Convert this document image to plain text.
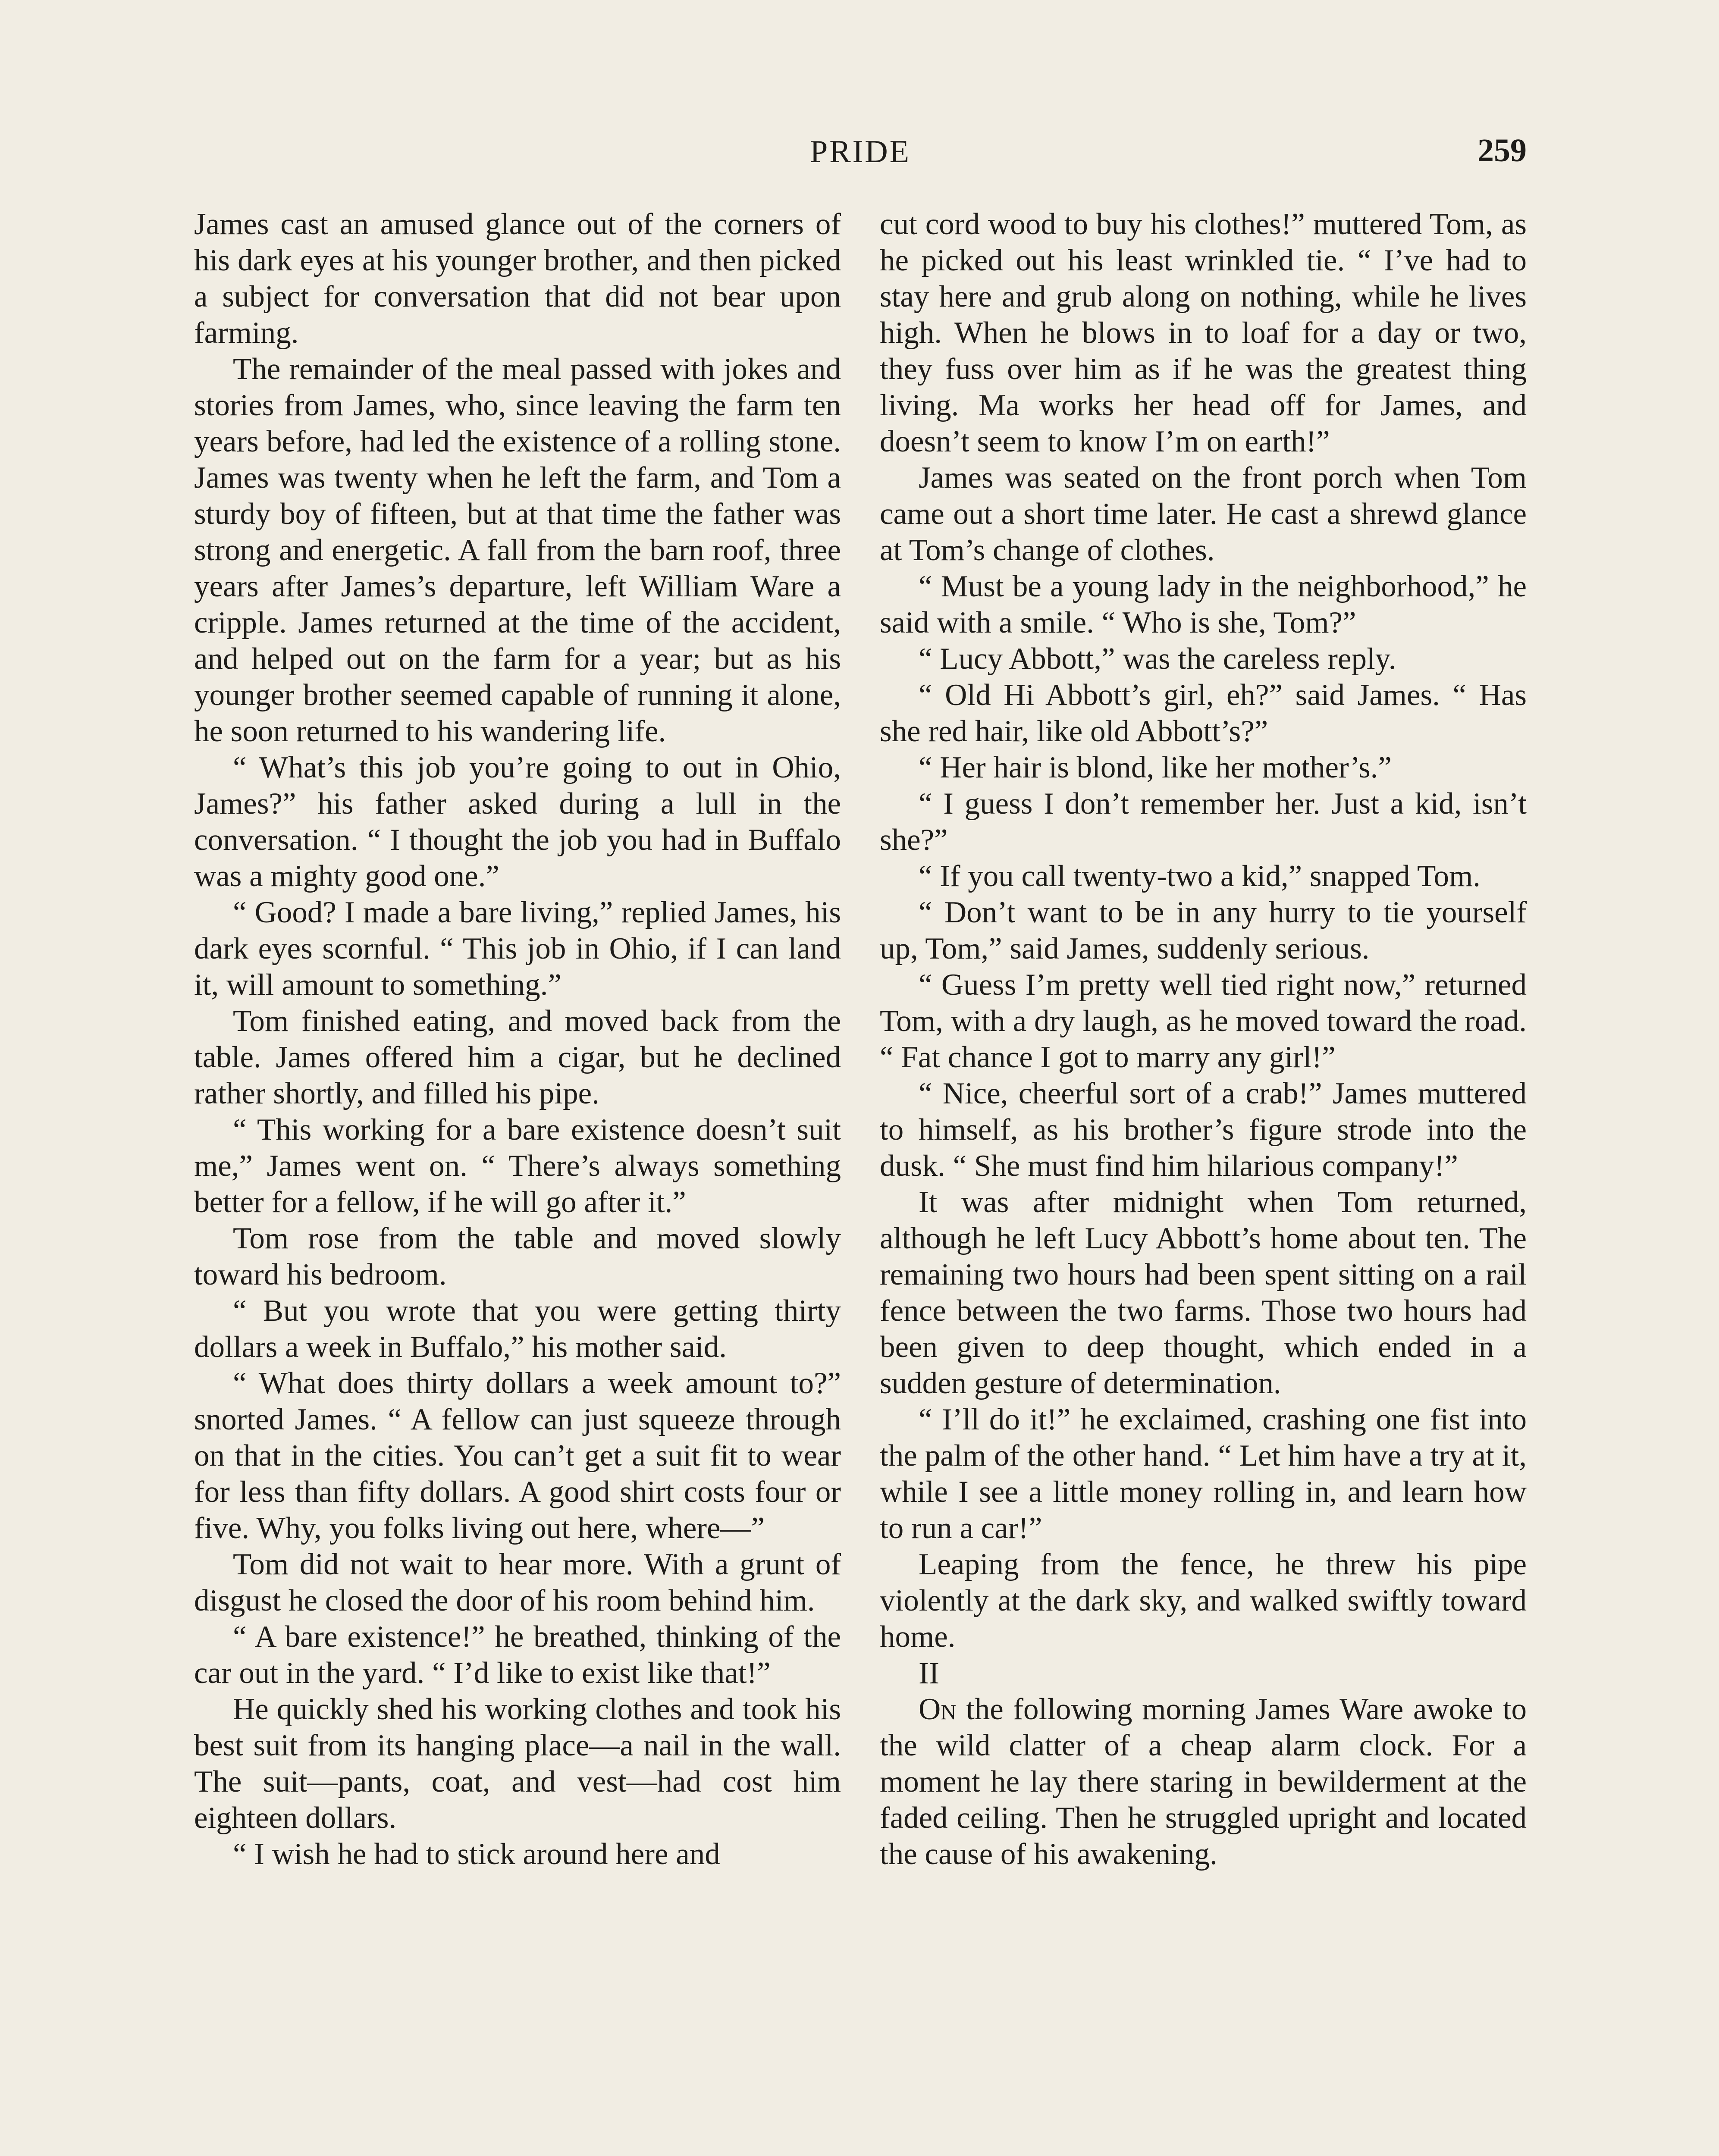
PRIDE	259

James cast an amused glance out of the corners of his dark eyes at his younger brother, and then picked a subject for conversation that did not bear upon farming.

The remainder of the meal passed with jokes and stories from James, who, since leaving the farm ten years before, had led the existence of a rolling stone. James was twenty when he left the farm, and Tom a sturdy boy of fifteen, but at that time the father was strong and energetic. A fall from the barn roof, three years after James’s departure, left William Ware a cripple. James returned at the time of the accident, and helped out on the farm for a year; but as his younger brother seemed capable of running it alone, he soon returned to his wandering life.

“ What’s this job you’re going to out in Ohio, James?” his father asked during a lull in the conversation. “ I thought the job you had in Buffalo was a mighty good one.”

“ Good? I made a bare living,” replied James, his dark eyes scornful. “ This job in Ohio, if I can land it, will amount to something.”

Tom finished eating, and moved back from the table. James offered him a cigar, but he declined rather shortly, and filled his pipe.

“ This working for a bare existence doesn’t suit me,” James went on. “ There’s always something better for a fellow, if he will go after it.”

Tom rose from the table and moved slowly toward his bedroom.

“ But you wrote that you were getting thirty dollars a week in Buffalo,” his mother said.

“ What does thirty dollars a week amount to?” snorted James. “ A fellow can just squeeze through on that in the cities. You can’t get a suit fit to wear for less than fifty dollars. A good shirt costs four or five. Why, you folks living out here, where—”

Tom did not wait to hear more. With a grunt of disgust he closed the door of his room behind him.

“ A bare existence!” he breathed, thinking of the car out in the yard. “ I’d like to exist like that!”

He quickly shed his working clothes and took his best suit from its hanging place—a nail in the wall. The suit—pants, coat, and vest—had cost him eighteen dollars.

“ I wish he had to stick around here and

cut cord wood to buy his clothes!” muttered Tom, as he picked out his least wrinkled tie. “ I’ve had to stay here and grub along on nothing, while he lives high. When he blows in to loaf for a day or two, they fuss over him as if he was the greatest thing living. Ma works her head off for James, and doesn’t seem to know I’m on earth!”

James was seated on the front porch when Tom came out a short time later. He cast a shrewd glance at Tom’s change of clothes.

“ Must be a young lady in the neighborhood,” he said with a smile. “ Who is she, Tom?”

“ Lucy Abbott,” was the careless reply.

“ Old Hi Abbott’s girl, eh?” said James. “ Has she red hair, like old Abbott’s?”

“ Her hair is blond, like her mother’s.”

“ I guess I don’t remember her. Just a kid, isn’t she?”

“ If you call twenty-two a kid,” snapped Tom.

“ Don’t want to be in any hurry to tie yourself up, Tom,” said James, suddenly serious.

“ Guess I’m pretty well tied right now,” returned Tom, with a dry laugh, as he moved toward the road. “ Fat chance I got to marry any girl!”

“ Nice, cheerful sort of a crab!” James muttered to himself, as his brother’s figure strode into the dusk. “ She must find him hilarious company!”

It was after midnight when Tom returned, although he left Lucy Abbott’s home about ten. The remaining two hours had been spent sitting on a rail fence between the two farms. Those two hours had been given to deep thought, which ended in a sudden gesture of determination.

“ I’ll do it!” he exclaimed, crashing one fist into the palm of the other hand. “ Let him have a try at it, while I see a little money rolling in, and learn how to run a car!”

Leaping from the fence, he threw his pipe violently at the dark sky, and walked swiftly toward home.

II

On the following morning James Ware awoke to the wild clatter of a cheap alarm clock. For a moment he lay there staring in bewilderment at the faded ceiling. Then he struggled upright and located the cause of his awakening.
